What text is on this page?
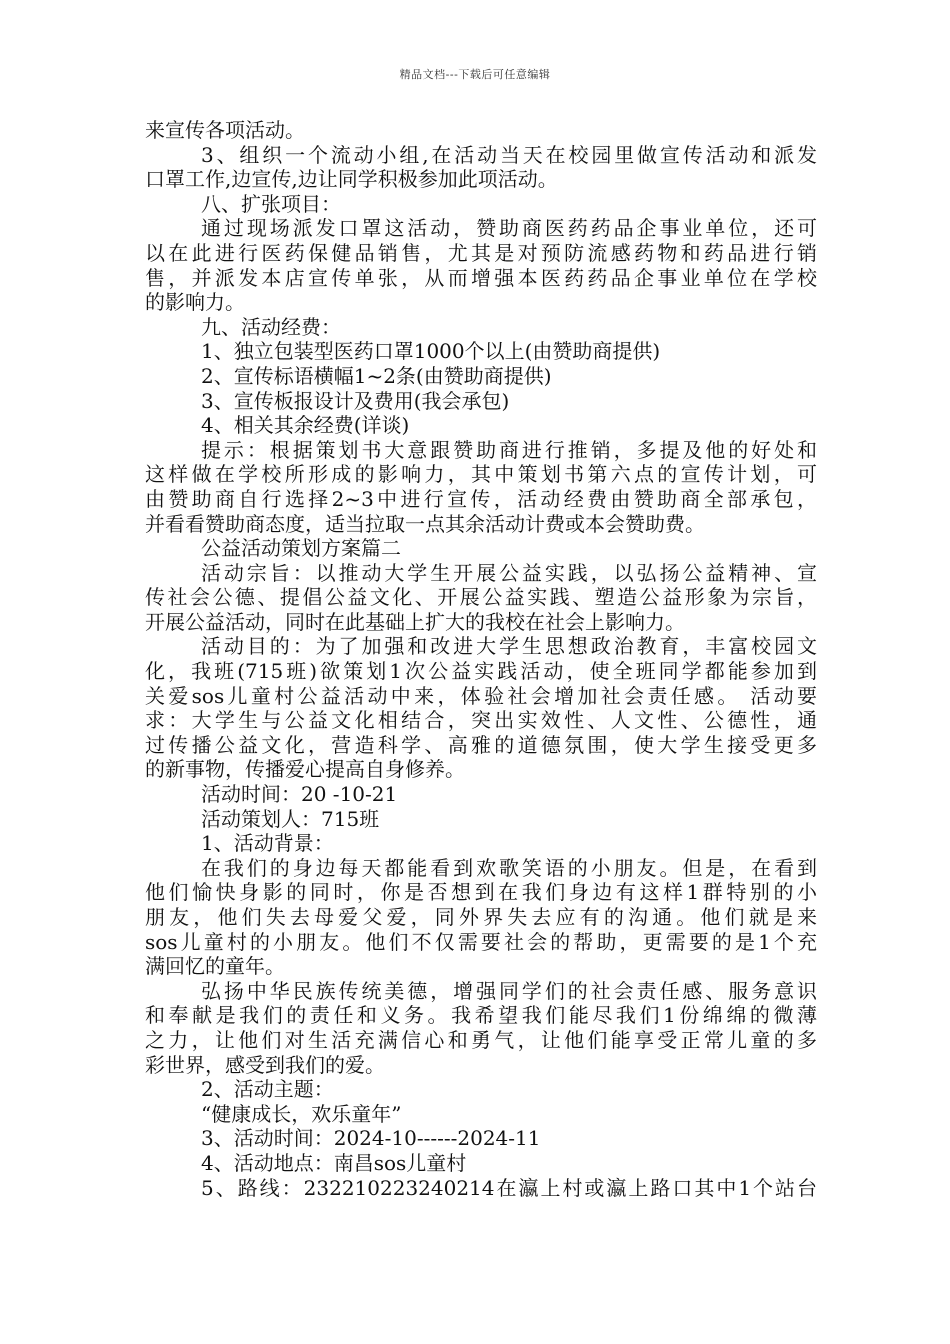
精品文档---下载后可任意编辑
来宣传各项活动。
3、组织一个流动小组,在活动当天在校园里做宣传活动和派发
口罩工作,边宣传,边让同学积极参加此项活动。
八、扩张项目：
通过现场派发口罩这活动，赞助商医药药品企事业单位，还可
以在此进行医药保健品销售，尤其是对预防流感药物和药品进行销
售，并派发本店宣传单张，从而增强本医药药品企事业单位在学校
的影响力。
九、活动经费：
1、独立包装型医药口罩1000个以上(由赞助商提供)
2、宣传标语横幅1~2条(由赞助商提供)
3、宣传板报设计及费用(我会承包)
4、相关其余经费(详谈)
提示：根据策划书大意跟赞助商进行推销，多提及他的好处和
这样做在学校所形成的影响力，其中策划书第六点的宣传计划，可
由赞助商自行选择2~3中进行宣传，活动经费由赞助商全部承包，
并看看赞助商态度，适当拉取一点其余活动计费或本会赞助费。
公益活动策划方案篇二
活动宗旨：以推动大学生开展公益实践，以弘扬公益精神、宣
传社会公德、提倡公益文化、开展公益实践、塑造公益形象为宗旨，
开展公益活动，同时在此基础上扩大的我校在社会上影响力。
活动目的：为了加强和改进大学生思想政治教育，丰富校园文
化，我班(715班)欲策划1次公益实践活动，使全班同学都能参加到
关爱sos儿童村公益活动中来，体验社会增加社会责任感。 活动要
求：大学生与公益文化相结合，突出实效性、人文性、公德性，通
过传播公益文化，营造科学、高雅的道德氛围，使大学生接受更多
的新事物，传播爱心提高自身修养。
活动时间：20 -10-21
活动策划人：715班
1、活动背景：
在我们的身边每天都能看到欢歌笑语的小朋友。但是，在看到
他们愉快身影的同时，你是否想到在我们身边有这样1群特别的小
朋友，他们失去母爱父爱，同外界失去应有的沟通。他们就是来
sos儿童村的小朋友。他们不仅需要社会的帮助，更需要的是1个充
满回忆的童年。
弘扬中华民族传统美德，增强同学们的社会责任感、服务意识
和奉献是我们的责任和义务。我希望我们能尽我们1份绵绵的微薄
之力，让他们对生活充满信心和勇气，让他们能享受正常儿童的多
彩世界，感受到我们的爱。
2、活动主题：
“健康成长，欢乐童年”
3、活动时间：2024-10------2024-11
4、活动地点：南昌sos儿童村
5、路线：232210223240214在瀛上村或瀛上路口其中1个站台
